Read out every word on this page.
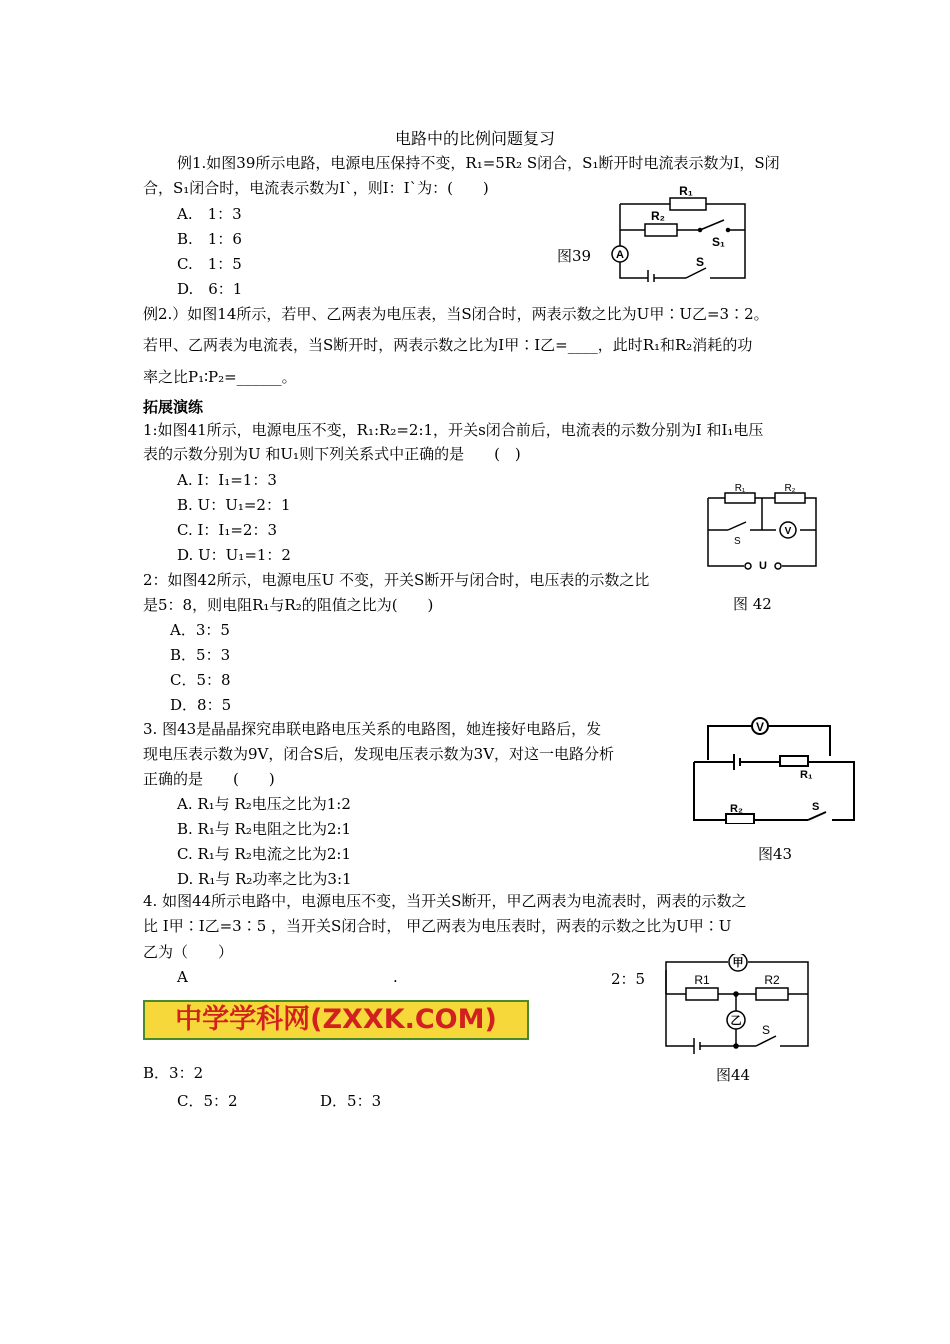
电路中的比例问题复习
例1.如图39所示电路，电源电压保持不变，R₁=5R₂ S闭合，S₁断开时电流表示数为I，S闭
合，S₁闭合时，电流表示数为I`，则I：I`为：(　　)
A.　1：3
B.　1：6
C.　1：5
D.　6：1
图39
R₁
R₂
S₁
A	S
例2.）如图14所示，若甲、乙两表为电压表，当S闭合时，两表示数之比为U甲∶U乙=3∶2。
若甲、乙两表为电流表，当S断开时，两表示数之比为I甲∶I乙=____，此时R₁和R₂消耗的功
率之比P₁∶P₂=______。
拓展演练
1:如图41所示，电源电压不变，R₁:R₂=2:1，开关s闭合前后，电流表的示数分别为I 和I₁电压
表的示数分别为U 和U₁则下列关系式中正确的是　　(　)
A. I：I₁=1：3
B. U：U₁=2：1
C. I：I₁=2：3
D. U：U₁=1：2
R₁	R₂
S
V
U
图 42
2：如图42所示，电源电压U 不变，开关S断开与闭合时，电压表的示数之比
是5：8，则电阻R₁与R₂的阻值之比为(　　)
A．3：5
B．5：3
C．5：8
D．8：5
3. 图43是晶晶探究串联电路电压关系的电路图，她连接好电路后，发
现电压表示数为9V，闭合S后，发现电压表示数为3V，对这一电路分析
正确的是　　(　　)
A. R₁与 R₂电压之比为1:2
B. R₁与 R₂电阻之比为2:1
C. R₁与 R₂电流之比为2:1
D. R₁与 R₂功率之比为3:1
V
R₁
R₂	S
图43
4. 如图44所示电路中，电源电压不变，当开关S断开，甲乙两表为电流表时，两表的示数之
比 I甲∶I乙=3∶5 ，当开关S闭合时， 甲乙两表为电压表时，两表的示数之比为U甲∶U
乙为（　　）
A	.	2：5
中学学科网(ZXXK.COM)
B．3：2
C．5：2	D．5：3
甲
乙
R1	R2
S
图44
